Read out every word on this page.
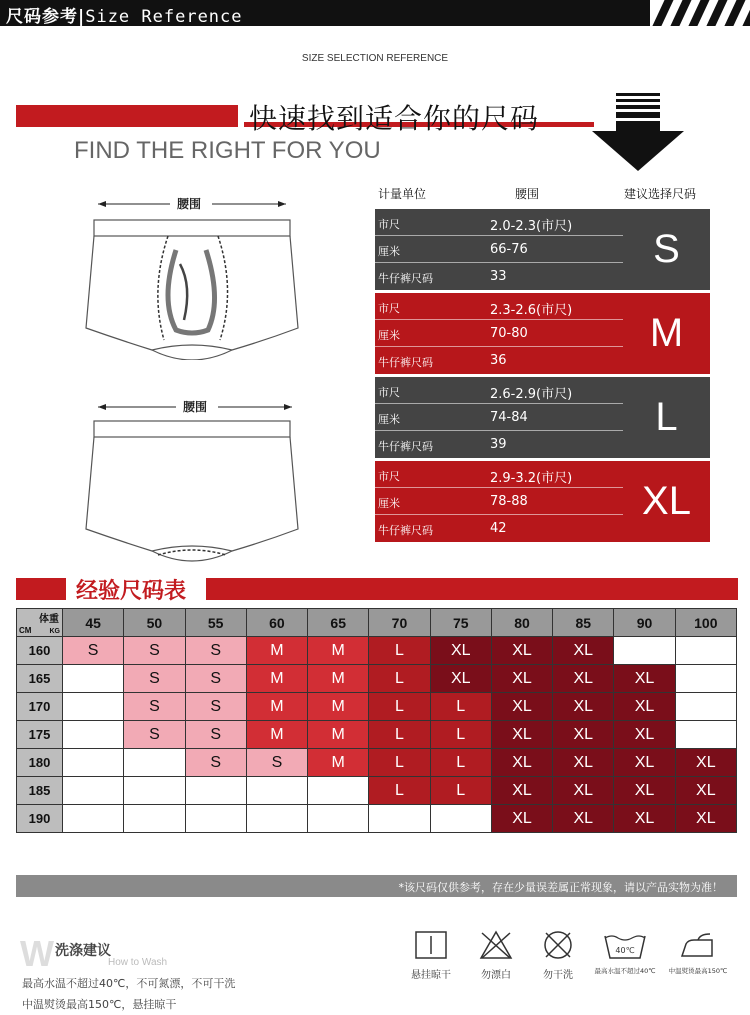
尺码参考|Size Reference
SIZE SELECTION REFERENCE
快速找到适合你的尺码
FIND THE RIGHT FOR YOU
腰围
腰围
计量单位	腰围	建议选择尺码
市尺	2.0-2.3(市尺)
厘米	66-76
牛仔裤尺码	33
S
市尺	2.3-2.6(市尺)
厘米	70-80
牛仔裤尺码	36
M
市尺	2.6-2.9(市尺)
厘米	74-84
牛仔裤尺码	39
L
市尺	2.9-3.2(市尺)
厘米	78-88
牛仔裤尺码	42
XL
经验尺码表
体重
CM KG	45	50	55	60	65	70	75	80	85	90	100
160	S	S	S	M	M	L	XL	XL	XL		
165		S	S	M	M	L	XL	XL	XL	XL	
170		S	S	M	M	L	L	XL	XL	XL	
175		S	S	M	M	L	L	XL	XL	XL	
180			S	S	M	L	L	XL	XL	XL	XL
185						L	L	XL	XL	XL	XL
190								XL	XL	XL	XL
*该尺码仅供参考，存在少量误差属正常现象，请以产品实物为准！
W 洗涤建议
How to Wash
最高水温不超过40℃，不可氮漂，不可干洗
中温熨烫最高150℃，悬挂晾干
悬挂晾干	勿漂白	勿干洗
40℃
最高水温不超过40℃	中温熨烫最高150℃
